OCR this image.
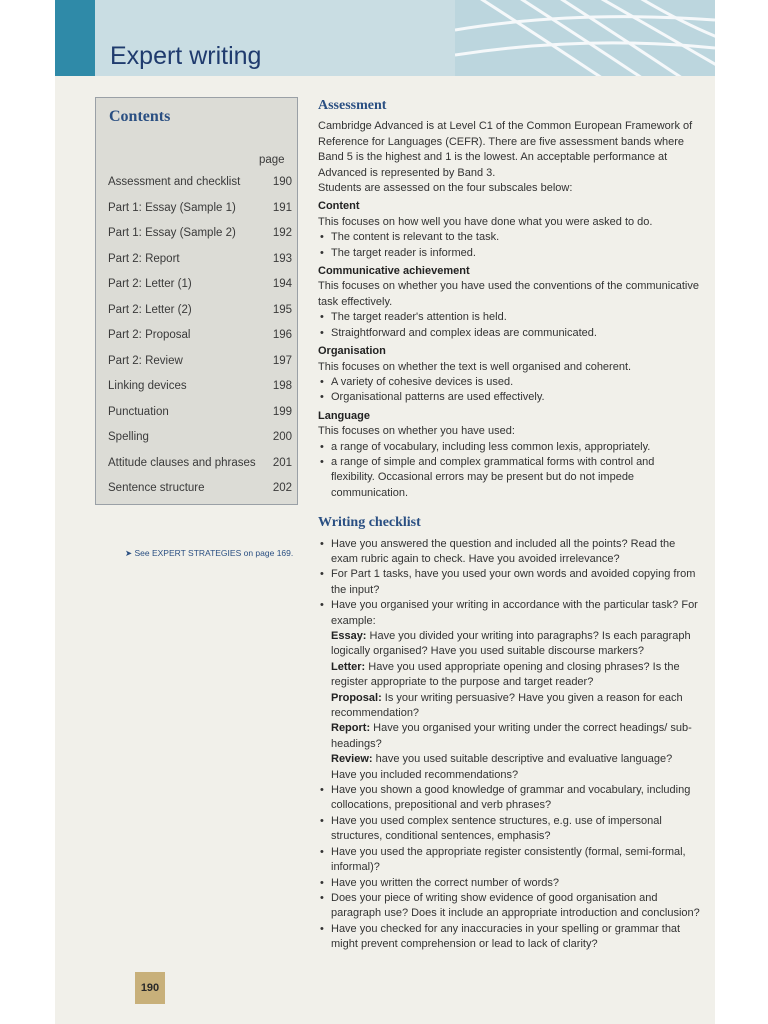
Expert writing
Contents
page
Assessment and checklist	190
Part 1: Essay (Sample 1)	191
Part 1: Essay (Sample 2)	192
Part 2: Report	193
Part 2: Letter (1)	194
Part 2: Letter (2)	195
Part 2: Proposal	196
Part 2: Review	197
Linking devices	198
Punctuation	199
Spelling	200
Attitude clauses and phrases 201
Sentence structure	202
➤ See EXPERT STRATEGIES on page 169.
Assessment

Cambridge Advanced is at Level C1 of the Common European Framework of Reference for Languages (CEFR). There are five assessment bands where Band 5 is the highest and 1 is the lowest. An acceptable performance at Advanced is represented by Band 3.

Students are assessed on the four subscales below:

Content

This focuses on how well you have done what you were asked to do.

• The content is relevant to the task.
• The target reader is informed.
Communicative achievement

This focuses on whether you have used the conventions of the communicative task effectively.

• The target reader's attention is held.
• Straightforward and complex ideas are communicated.
Organisation

This focuses on whether the text is well organised and coherent.

• A variety of cohesive devices is used.
• Organisational patterns are used effectively.
Language

This focuses on whether you have used:

• a range of vocabulary, including less common lexis, appropriately.
• a range of simple and complex grammatical forms with control and flexibility. Occasional errors may be present but do not impede communication.
Writing checklist
• Have you answered the question and included all the points? Read the exam rubric again to check. Have you avoided irrelevance?
• For Part 1 tasks, have you used your own words and avoided copying from the input?
• Have you organised your writing in accordance with the particular task? For example:
Essay: Have you divided your writing into paragraphs? Is each paragraph logically organised? Have you used suitable discourse markers?
Letter: Have you used appropriate opening and closing phrases? Is the register appropriate to the purpose and target reader?
Proposal: Is your writing persuasive? Have you given a reason for each recommendation?
Report: Have you organised your writing under the correct headings/ sub-headings?
Review: have you used suitable descriptive and evaluative language? Have you included recommendations?
• Have you shown a good knowledge of grammar and vocabulary, including collocations, prepositional and verb phrases?
• Have you used complex sentence structures, e.g. use of impersonal structures, conditional sentences, emphasis?
• Have you used the appropriate register consistently (formal, semi-formal, informal)?
• Have you written the correct number of words?
• Does your piece of writing show evidence of good organisation and paragraph use? Does it include an appropriate introduction and conclusion?
• Have you checked for any inaccuracies in your spelling or grammar that might prevent comprehension or lead to lack of clarity?
190
